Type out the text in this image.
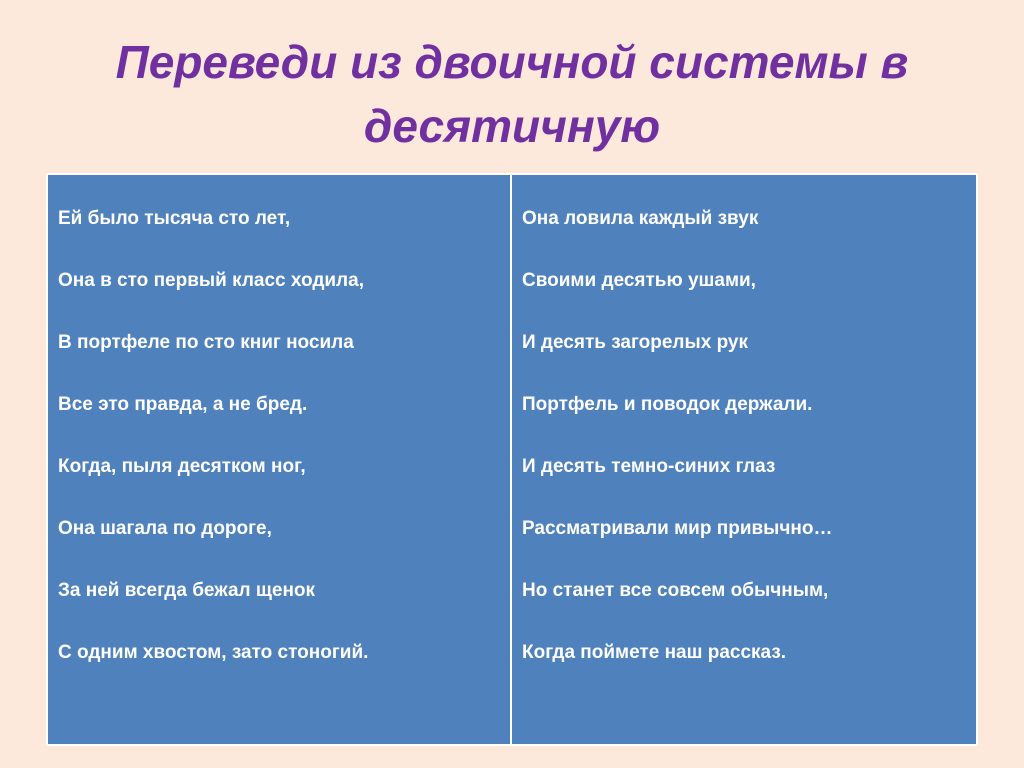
Переведи из двоичной системы в десятичную
Ей было тысяча сто лет,
Она в сто первый класс ходила,
В портфеле по сто книг носила
Все это правда, а не бред.
Когда, пыля десятком ног,
Она шагала по дороге,
За ней всегда бежал щенок
С одним хвостом, зато стоногий.
Она ловила каждый звук
Своими десятью ушами,
И десять загорелых рук
Портфель и поводок держали.
И десять темно-синих глаз
Рассматривали мир привычно…
Но станет все совсем обычным,
Когда поймете наш рассказ.
